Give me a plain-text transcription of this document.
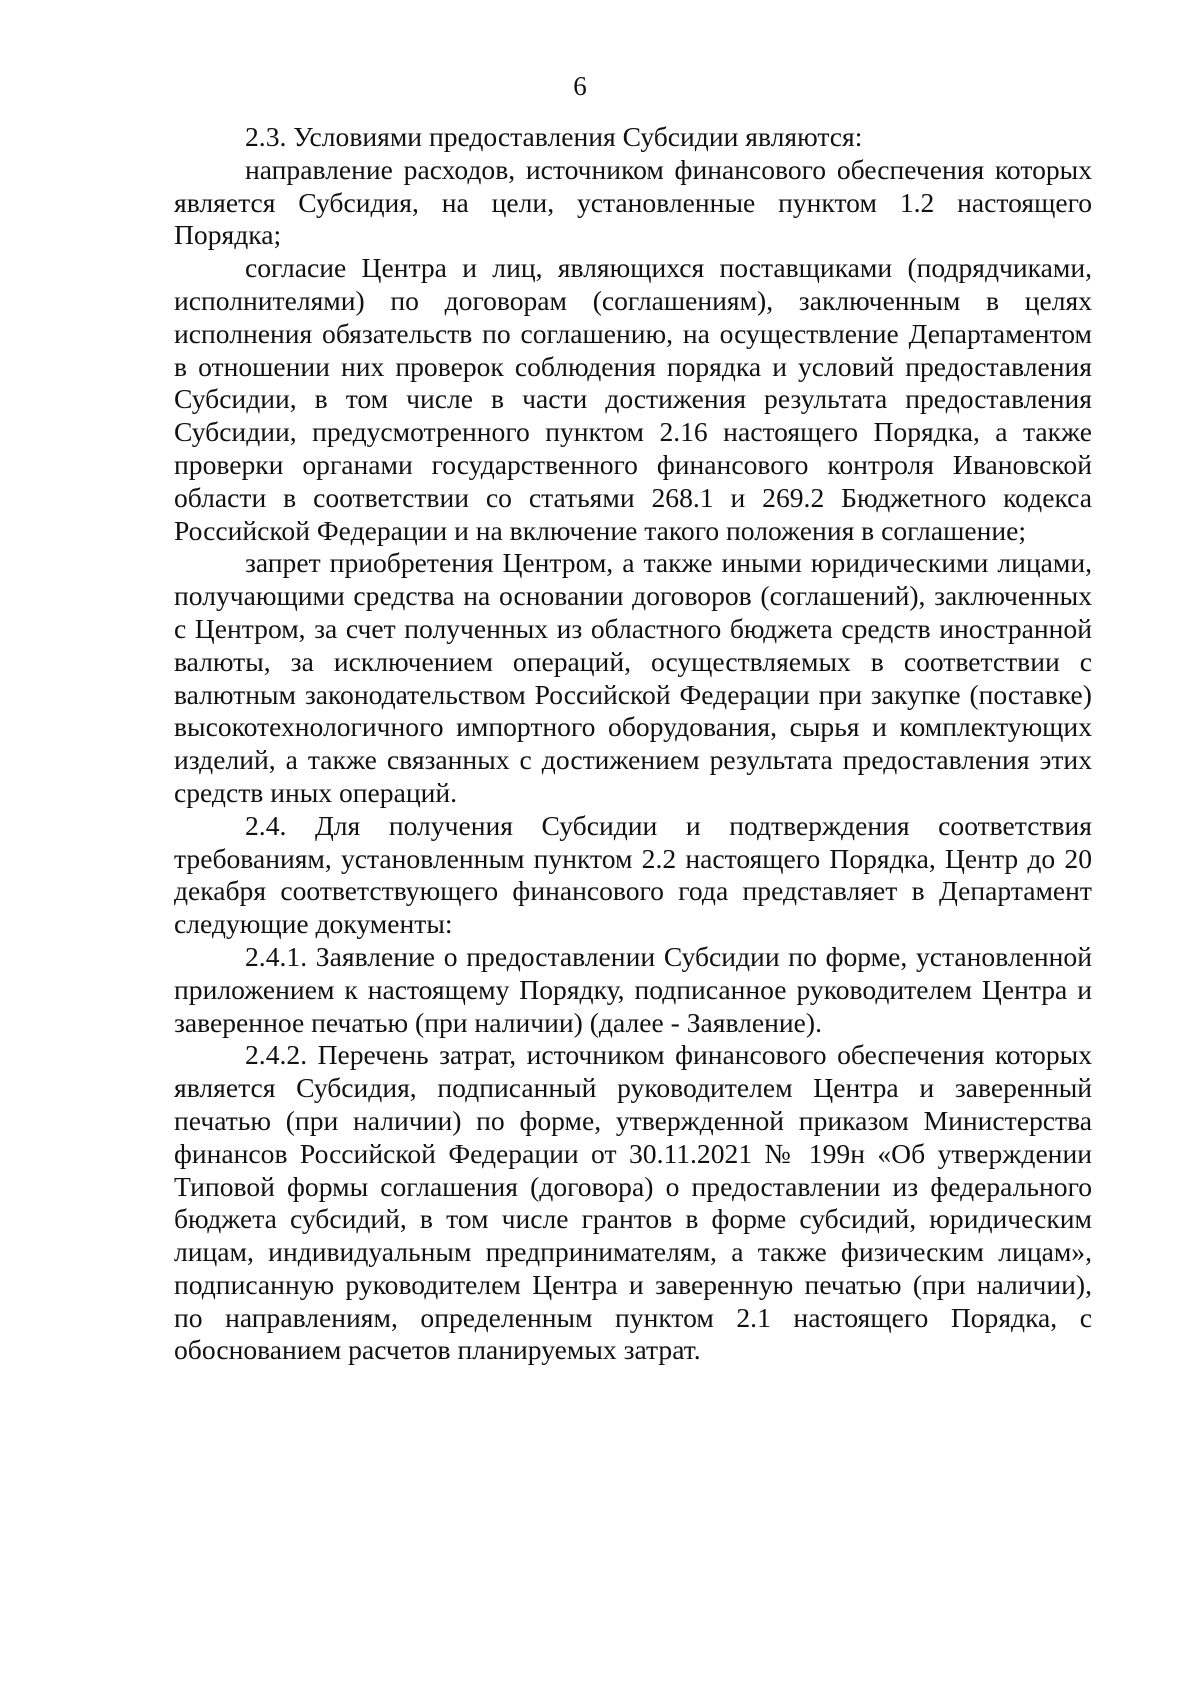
6

2.3. Условиями предоставления Субсидии являются:

направление расходов, источником финансового обеспечения которых является Субсидия, на цели, установленные пунктом 1.2 настоящего Порядка;

согласие Центра и лиц, являющихся поставщиками (подрядчиками, исполнителями) по договорам (соглашениям), заключенным в целях исполнения обязательств по соглашению, на осуществление Департаментом в отношении них проверок соблюдения порядка и условий предоставления Субсидии, в том числе в части достижения результата предоставления Субсидии, предусмотренного пунктом 2.16 настоящего Порядка, а также проверки органами государственного финансового контроля Ивановской области в соответствии со статьями 268.1 и 269.2 Бюджетного кодекса Российской Федерации и на включение такого положения в соглашение;

запрет приобретения Центром, а также иными юридическими лицами, получающими средства на основании договоров (соглашений), заключенных с Центром, за счет полученных из областного бюджета средств иностранной валюты, за исключением операций, осуществляемых в соответствии с валютным законодательством Российской Федерации при закупке (поставке) высокотехнологичного импортного оборудования, сырья и комплектующих изделий, а также связанных с достижением результата предоставления этих средств иных операций.

2.4. Для получения Субсидии и подтверждения соответствия требованиям, установленным пунктом 2.2 настоящего Порядка, Центр до 20 декабря соответствующего финансового года представляет в Департамент следующие документы:

2.4.1. Заявление о предоставлении Субсидии по форме, установленной приложением к настоящему Порядку, подписанное руководителем Центра и заверенное печатью (при наличии) (далее - Заявление).

2.4.2. Перечень затрат, источником финансового обеспечения которых является Субсидия, подписанный руководителем Центра и заверенный печатью (при наличии) по форме, утвержденной приказом Министерства финансов Российской Федерации от 30.11.2021 № 199н «Об утверждении Типовой формы соглашения (договора) о предоставлении из федерального бюджета субсидий, в том числе грантов в форме субсидий, юридическим лицам, индивидуальным предпринимателям, а также физическим лицам», подписанную руководителем Центра и заверенную печатью (при наличии), по направлениям, определенным пунктом 2.1 настоящего Порядка, с обоснованием расчетов планируемых затрат.
